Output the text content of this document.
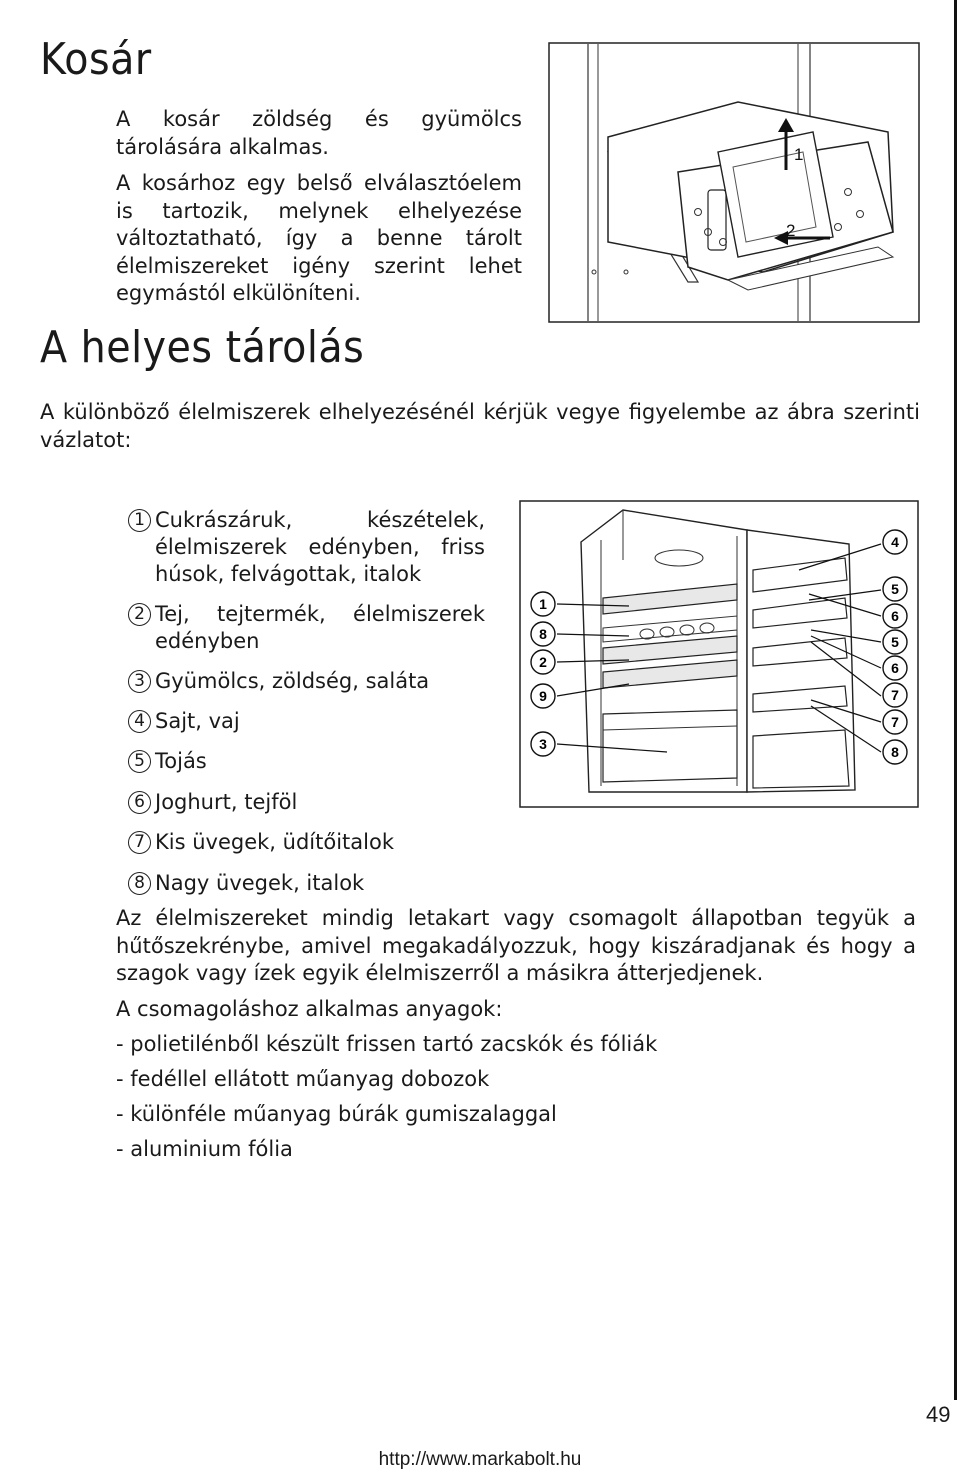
Kosár
A kosár zöldség és gyümölcs tárolására alkalmas.
A kosárhoz egy belső elválasztóelem is tartozik, melynek elhelyezése változtatható, így a benne tárolt élelmiszereket igény szerint lehet egymástól elkülöníteni.
1
2
A helyes tárolás
A különböző élelmiszerek elhelyezésénél kérjük vegye figyelembe az ábra szerinti vázlatot:
1 Cukrászáruk, készételek, élelmiszerek edényben, friss húsok, felvágottak, italok
2 Tej, tejtermék, élelmiszerek edényben
3 Gyümölcs, zöldség, saláta
4 Sajt, vaj
5 Tojás
6 Joghurt, tejföl
7 Kis üvegek, üdítőitalok
8 Nagy üvegek, italok
1
8
2
9
3
4
5
6
5
6
7
7
8
Az élelmiszereket mindig letakart vagy csomagolt állapotban tegyük a hűtőszekrénybe, amivel megakadályozzuk, hogy kiszáradjanak és hogy a szagok vagy ízek egyik élelmiszerről a másikra átterjedjenek.
A csomagoláshoz alkalmas anyagok:
- polietilénből készült frissen tartó zacskók és fóliák
- fedéllel ellátott műanyag dobozok
- különféle műanyag búrák gumiszalaggal
- aluminium fólia
49
http://www.markabolt.hu
